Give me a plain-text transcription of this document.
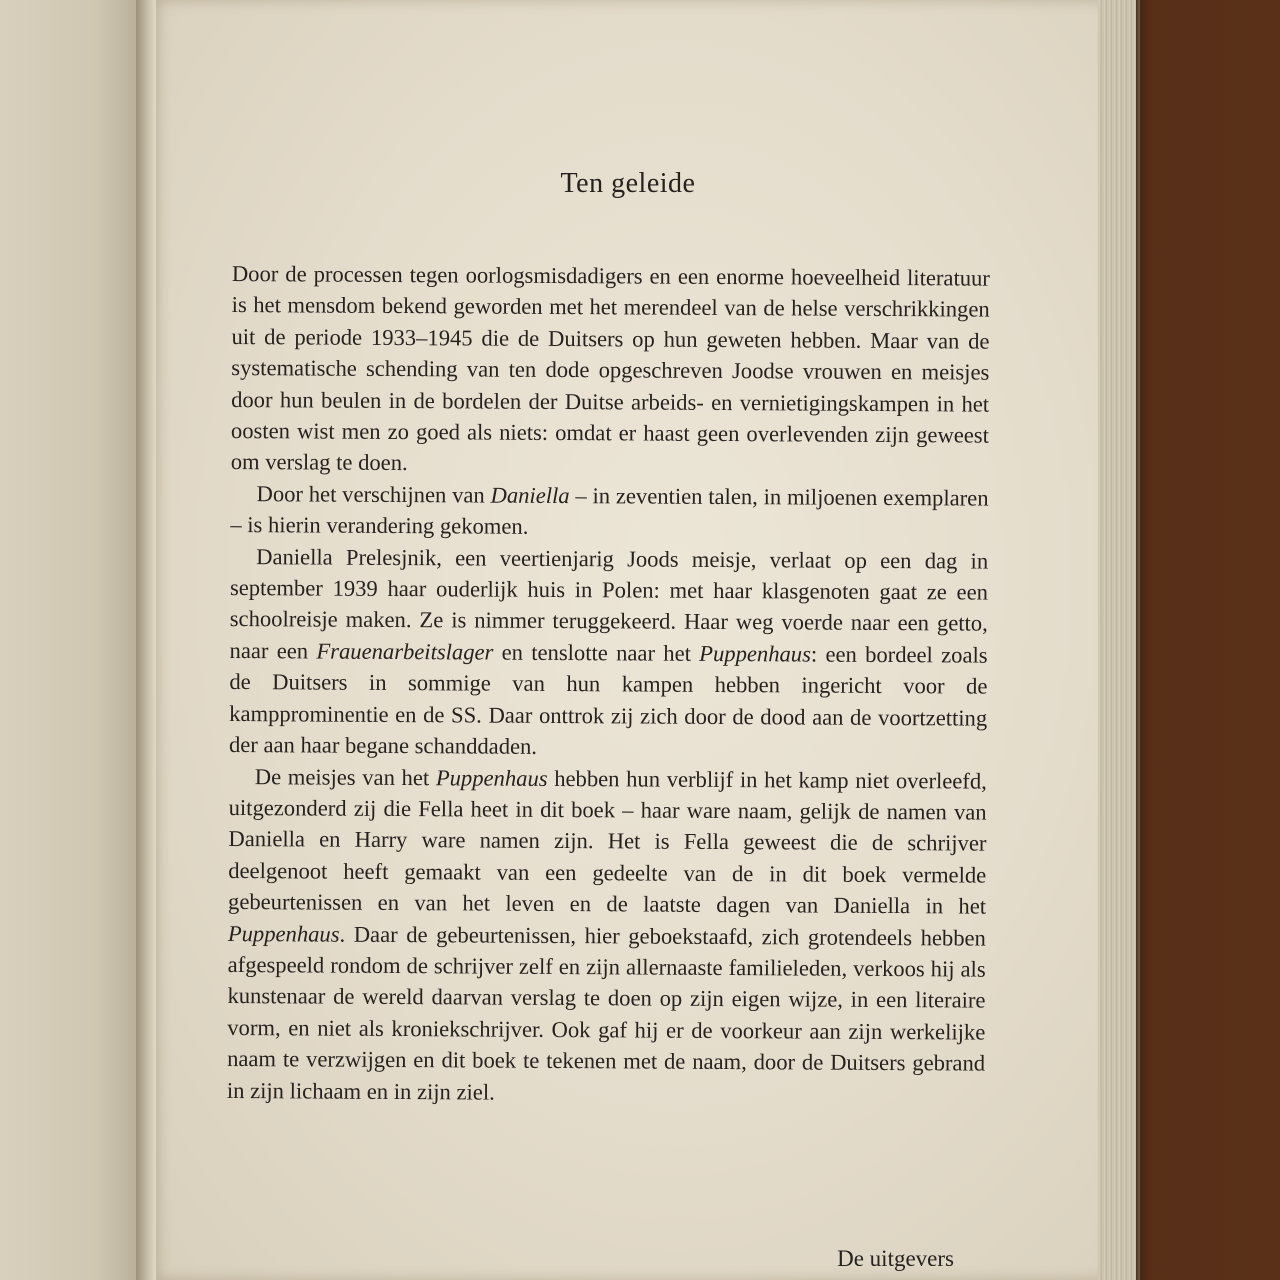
Ten geleide

Door de processen tegen oorlogsmisdadigers en een enorme hoeveelheid literatuur is het mensdom bekend geworden met het merendeel van de helse verschrikkingen uit de periode 1933–1945 die de Duitsers op hun geweten hebben. Maar van de systematische schending van ten dode opgeschreven Joodse vrouwen en meisjes door hun beulen in de bordelen der Duitse arbeids- en vernietigingskampen in het oosten wist men zo goed als niets: omdat er haast geen overlevenden zijn geweest om verslag te doen.

Door het verschijnen van Daniella – in zeventien talen, in miljoenen exemplaren – is hierin verandering gekomen.

Daniella Prelesjnik, een veertienjarig Joods meisje, verlaat op een dag in september 1939 haar ouderlijk huis in Polen: met haar klasgenoten gaat ze een schoolreisje maken. Ze is nimmer teruggekeerd. Haar weg voerde naar een getto, naar een Frauenarbeitslager en tenslotte naar het Puppenhaus: een bordeel zoals de Duitsers in sommige van hun kampen hebben ingericht voor de kampprominentie en de SS. Daar onttrok zij zich door de dood aan de voortzetting der aan haar begane schanddaden.

De meisjes van het Puppenhaus hebben hun verblijf in het kamp niet overleefd, uitgezonderd zij die Fella heet in dit boek – haar ware naam, gelijk de namen van Daniella en Harry ware namen zijn. Het is Fella geweest die de schrijver deelgenoot heeft gemaakt van een gedeelte van de in dit boek vermelde gebeurtenissen en van het leven en de laatste dagen van Daniella in het Puppenhaus. Daar de gebeurtenissen, hier geboekstaafd, zich grotendeels hebben afgespeeld rondom de schrijver zelf en zijn allernaaste familieleden, verkoos hij als kunstenaar de wereld daarvan verslag te doen op zijn eigen wijze, in een literaire vorm, en niet als kroniekschrijver. Ook gaf hij er de voorkeur aan zijn werkelijke naam te verzwijgen en dit boek te tekenen met de naam, door de Duitsers gebrand in zijn lichaam en in zijn ziel.

De uitgevers
